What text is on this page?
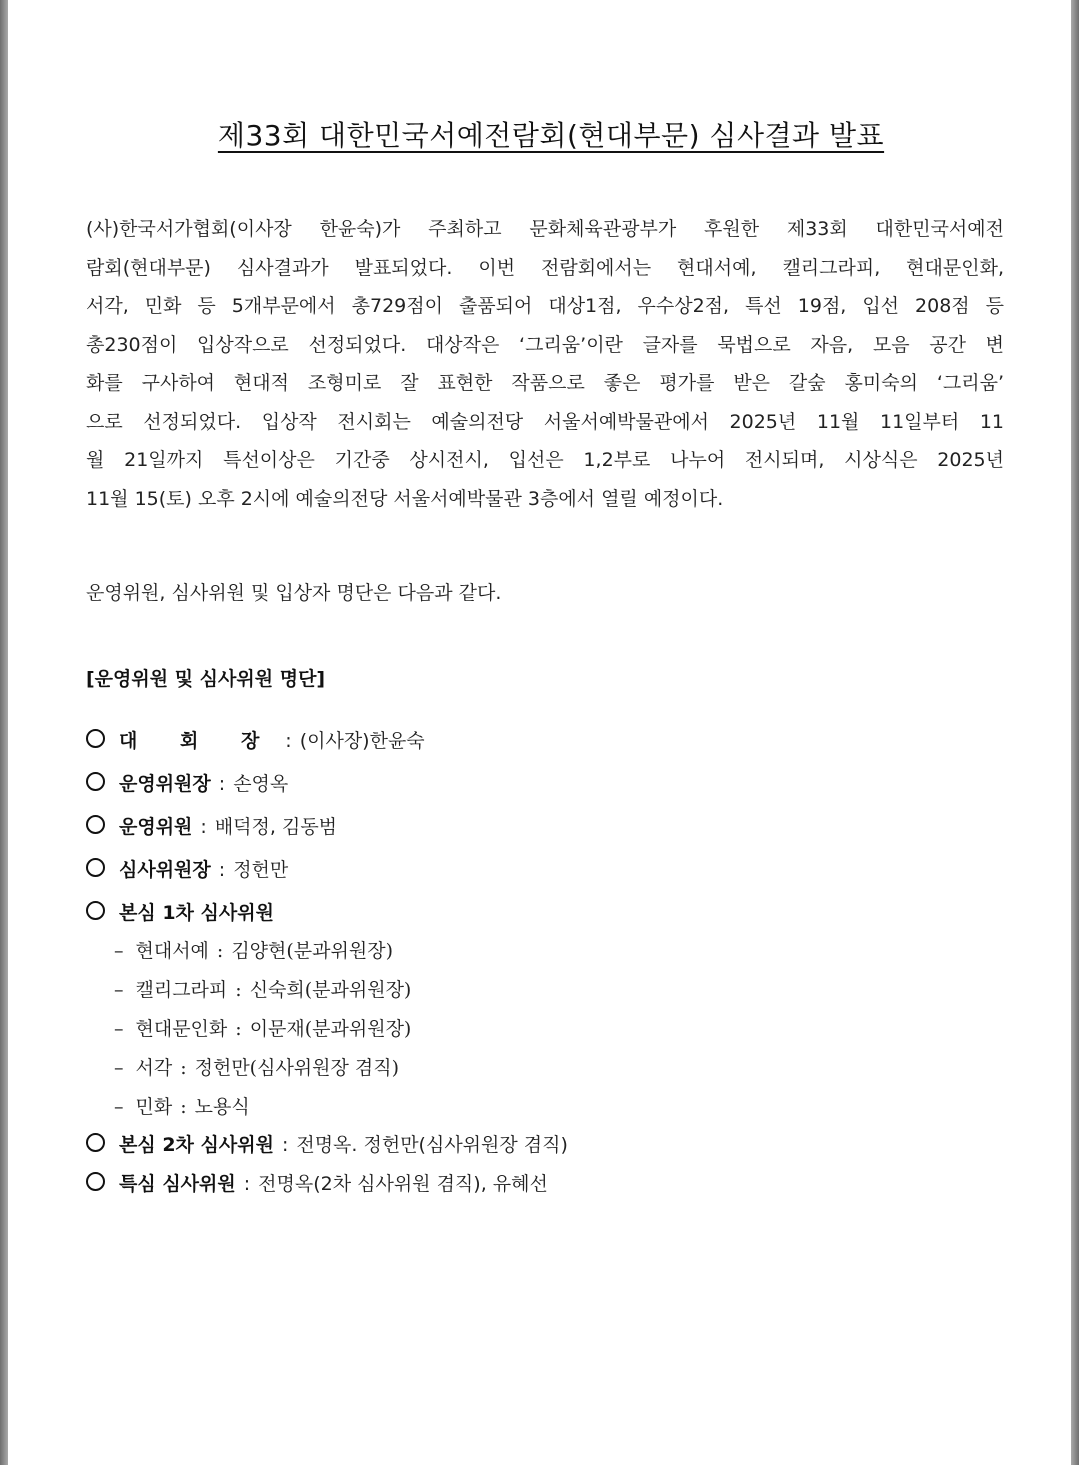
제33회 대한민국서예전람회(현대부문) 심사결과 발표
(사)한국서가협회(이사장 한윤숙)가 주최하고 문화체육관광부가 후원한 제33회 대한민국서예전
람회(현대부문) 심사결과가 발표되었다. 이번 전람회에서는 현대서예, 캘리그라피, 현대문인화,
서각, 민화 등 5개부문에서 총729점이 출품되어 대상1점, 우수상2점, 특선 19점, 입선 208점 등
총230점이 입상작으로 선정되었다. 대상작은 ‘그리움’이란 글자를 묵법으로 자음, 모음 공간 변
화를 구사하여 현대적 조형미로 잘 표현한 작품으로 좋은 평가를 받은 갈숲 홍미숙의 ‘그리움’
으로 선정되었다. 입상작 전시회는 예술의전당 서울서예박물관에서 2025년 11월 11일부터 11
월 21일까지 특선이상은 기간중 상시전시, 입선은 1,2부로 나누어 전시되며, 시상식은 2025년
11월 15(토) 오후 2시에 예술의전당 서울서예박물관 3층에서 열릴 예정이다.
운영위원, 심사위원 및 입상자 명단은 다음과 같다.
[운영위원 및 심사위원 명단]
대 회 장 : (이사장)한윤숙
운영위원장 : 손영옥
운영위원 : 배덕정, 김동범
심사위원장 : 정헌만
본심 1차 심사위원
– 현대서예 : 김양현(분과위원장)
– 캘리그라피 : 신숙희(분과위원장)
– 현대문인화 : 이문재(분과위원장)
– 서각 : 정헌만(심사위원장 겸직)
– 민화 : 노용식
본심 2차 심사위원 : 전명옥. 정헌만(심사위원장 겸직)
특심 심사위원 : 전명옥(2차 심사위원 겸직), 유혜선
